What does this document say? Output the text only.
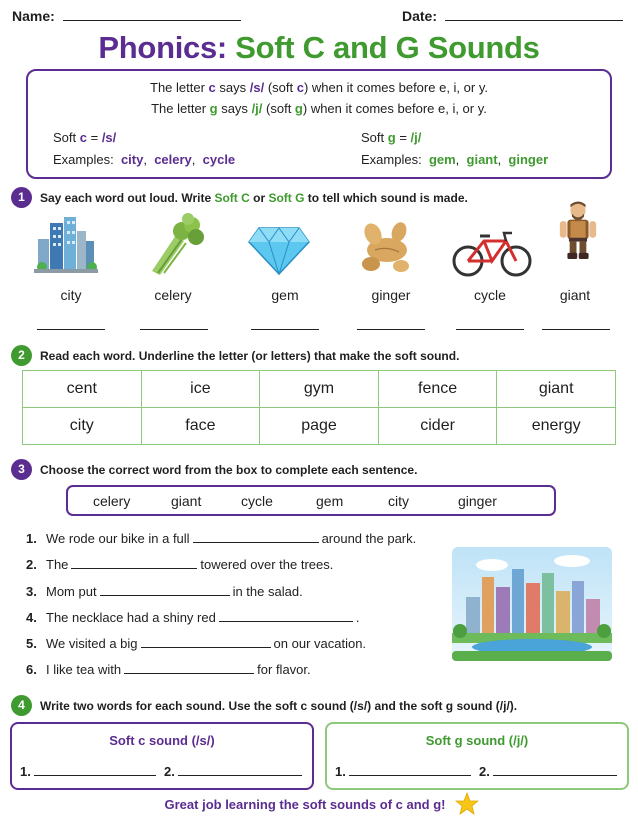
Name:	Date:
Phonics: Soft C and G Sounds
The letter c says /s/ (soft c) when it comes before e, i, or y.
The letter g says /j/ (soft g) when it comes before e, i, or y.
Soft c = /s/
Examples: city,  celery,  cycle
Soft g = /j/
Examples: gem,  giant,  ginger
1	Say each word out loud. Write Soft C or Soft G to tell which sound is made.
city	celery	gem	ginger	cycle	giant
2	Read each word. Underline the letter (or letters) that make the soft sound.
cent	ice	gym	fence	giant
city	face	page	cider	energy
3	Choose the correct word from the box to complete each sentence.
celery	giant	cycle	gem	city	ginger
1. We rode our bike in a full	around the park.
2. The	towered over the trees.
3. Mom put	in the salad.
4. The necklace had a shiny red	.
5. We visited a big	on our vacation.
6. I like tea with	for flavor.
4	Write two words for each sound. Use the soft c sound (/s/) and the soft g sound (/j/).
Soft c sound (/s/)
1.	2.
Soft g sound (/j/)
1.	2.
Great job learning the soft sounds of c and g!
